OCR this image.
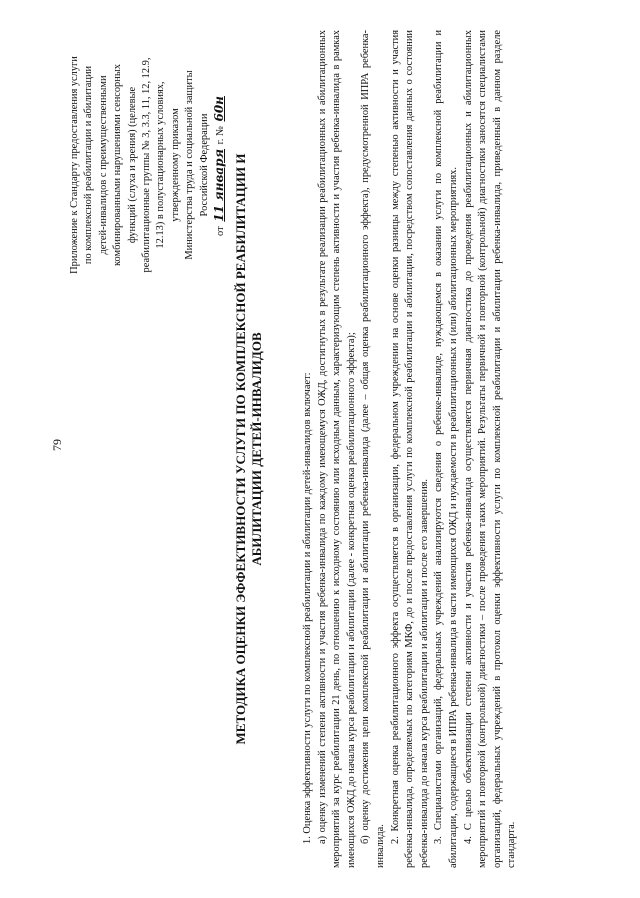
79
Приложение к Стандарту предоставления услуги по комплексной реабилитации и абилитации детей-инвалидов с преимущественными комбинированными нарушениями сенсорных функций (слуха и зрения) (целевые реабилитационные группы № 3, 3.3, 11, 12, 12.9, 12.13) в полустационарных условиях, утвержденному приказом Министерства труда и социальной защиты Российской Федерации
от 11 января г. № 60н
МЕТОДИКА ОЦЕНКИ ЭФФЕКТИВНОСТИ УСЛУГИ ПО КОМПЛЕКСНОЙ РЕАБИЛИТАЦИИ И АБИЛИТАЦИИ ДЕТЕЙ-ИНВАЛИДОВ	1. Оценка эффективности услуги по комплексной реабилитации и абилитации детей-инвалидов включает: а) оценку изменений степени активности и участия ребенка-инвалида по каждому имеющемуся ОЖД, достигнутых в результате реализации реабилитационных и абилитационных мероприятий за курс реабилитации 21 день, по отношению к исходному состоянию или исходным данным, характеризующим степень активности и участия ребенка-инвалида в рамках имеющихся ОЖД до начала курса реабилитации и абилитации (далее - конкретная оценка реабилитационного эффекта); б) оценку достижения цели комплексной реабилитации и абилитации ребенка-инвалида (далее – общая оценка реабилитационного эффекта), предусмотренной ИПРА ребенка-инвалида.

2. Конкретная оценка реабилитационного эффекта осуществляется в организации, федеральном учреждении на основе оценки разницы между степенью активности и участия ребенка-инвалида, определяемых по категориям МКФ, до и после предоставления услуги по комплексной реабилитации и абилитации, посредством сопоставления данных о состоянии ребенка-инвалида до начала курса реабилитации и абилитации и после его завершения. 3. Специалистами организаций, федеральных учреждений анализируются сведения о ребенке-инвалиде, нуждающемся в оказании услуги по комплексной реабилитации и абилитации, содержащиеся в ИПРА ребенка-инвалида в части имеющихся ОЖД и нуждаемости в реабилитационных и (или) абилитационных мероприятиях. 4. С целью объективизации степени активности и участия ребенка-инвалида осуществляется первичная диагностика до проведения реабилитационных и абилитационных мероприятий и повторной (контрольной) диагностики – после проведения таких мероприятий. Результаты первичной и повторной (контрольной) диагностики заносятся специалистами организаций, федеральных учреждений в протокол оценки эффективности услуги по комплексной реабилитации и абилитации ребенка-инвалида, приведенный в данном разделе стандарта.
